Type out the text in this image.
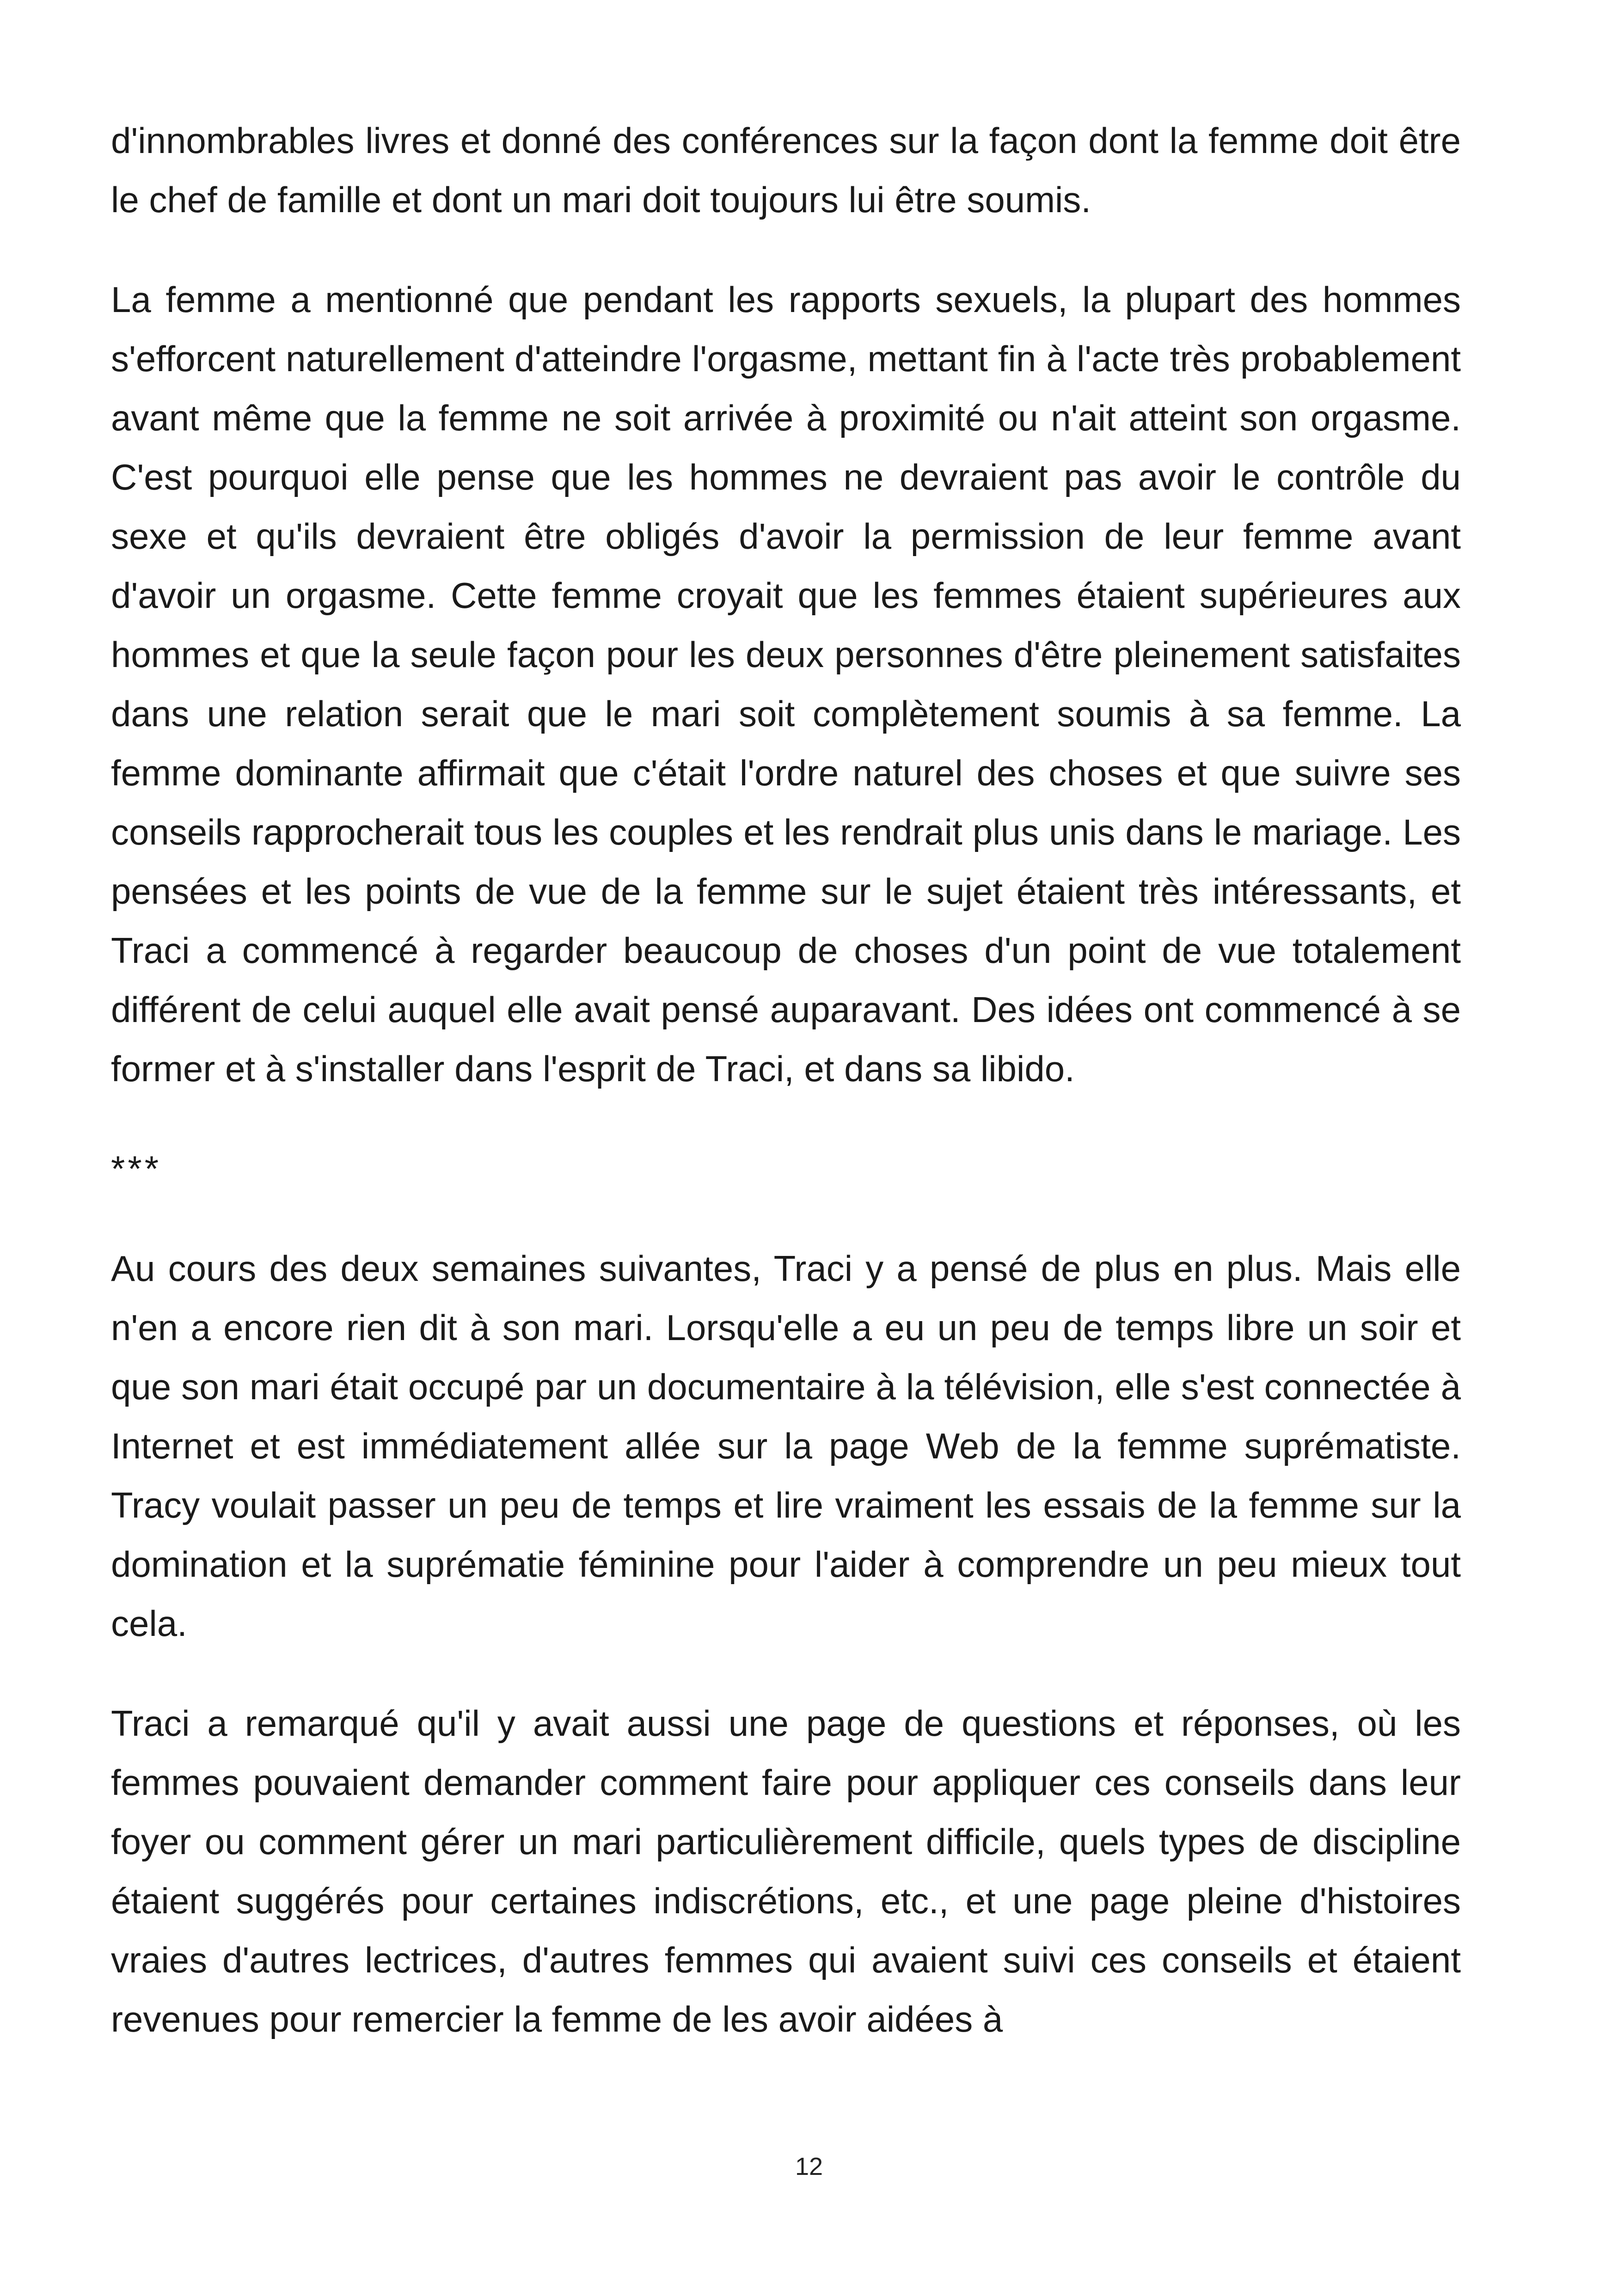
d'innombrables livres et donné des conférences sur la façon dont la femme doit être le chef de famille et dont un mari doit toujours lui être soumis.

La femme a mentionné que pendant les rapports sexuels, la plupart des hommes s'efforcent naturellement d'atteindre l'orgasme, mettant fin à l'acte très probablement avant même que la femme ne soit arrivée à proximité ou n'ait atteint son orgasme. C'est pourquoi elle pense que les hommes ne devraient pas avoir le contrôle du sexe et qu'ils devraient être obligés d'avoir la permission de leur femme avant d'avoir un orgasme. Cette femme croyait que les femmes étaient supérieures aux hommes et que la seule façon pour les deux personnes d'être pleinement satisfaites dans une relation serait que le mari soit complètement soumis à sa femme. La femme dominante affirmait que c'était l'ordre naturel des choses et que suivre ses conseils rapprocherait tous les couples et les rendrait plus unis dans le mariage. Les pensées et les points de vue de la femme sur le sujet étaient très intéressants, et Traci a commencé à regarder beaucoup de choses d'un point de vue totalement différent de celui auquel elle avait pensé auparavant. Des idées ont commencé à se former et à s'installer dans l'esprit de Traci, et dans sa libido.

***

Au cours des deux semaines suivantes, Traci y a pensé de plus en plus. Mais elle n'en a encore rien dit à son mari. Lorsqu'elle a eu un peu de temps libre un soir et que son mari était occupé par un documentaire à la télévision, elle s'est connectée à Internet et est immédiatement allée sur la page Web de la femme suprématiste. Tracy voulait passer un peu de temps et lire vraiment les essais de la femme sur la domination et la suprématie féminine pour l'aider à comprendre un peu mieux tout cela.

Traci a remarqué qu'il y avait aussi une page de questions et réponses, où les femmes pouvaient demander comment faire pour appliquer ces conseils dans leur foyer ou comment gérer un mari particulièrement difficile, quels types de discipline étaient suggérés pour certaines indiscrétions, etc., et une page pleine d'histoires vraies d'autres lectrices, d'autres femmes qui avaient suivi ces conseils et étaient revenues pour remercier la femme de les avoir aidées à

12
